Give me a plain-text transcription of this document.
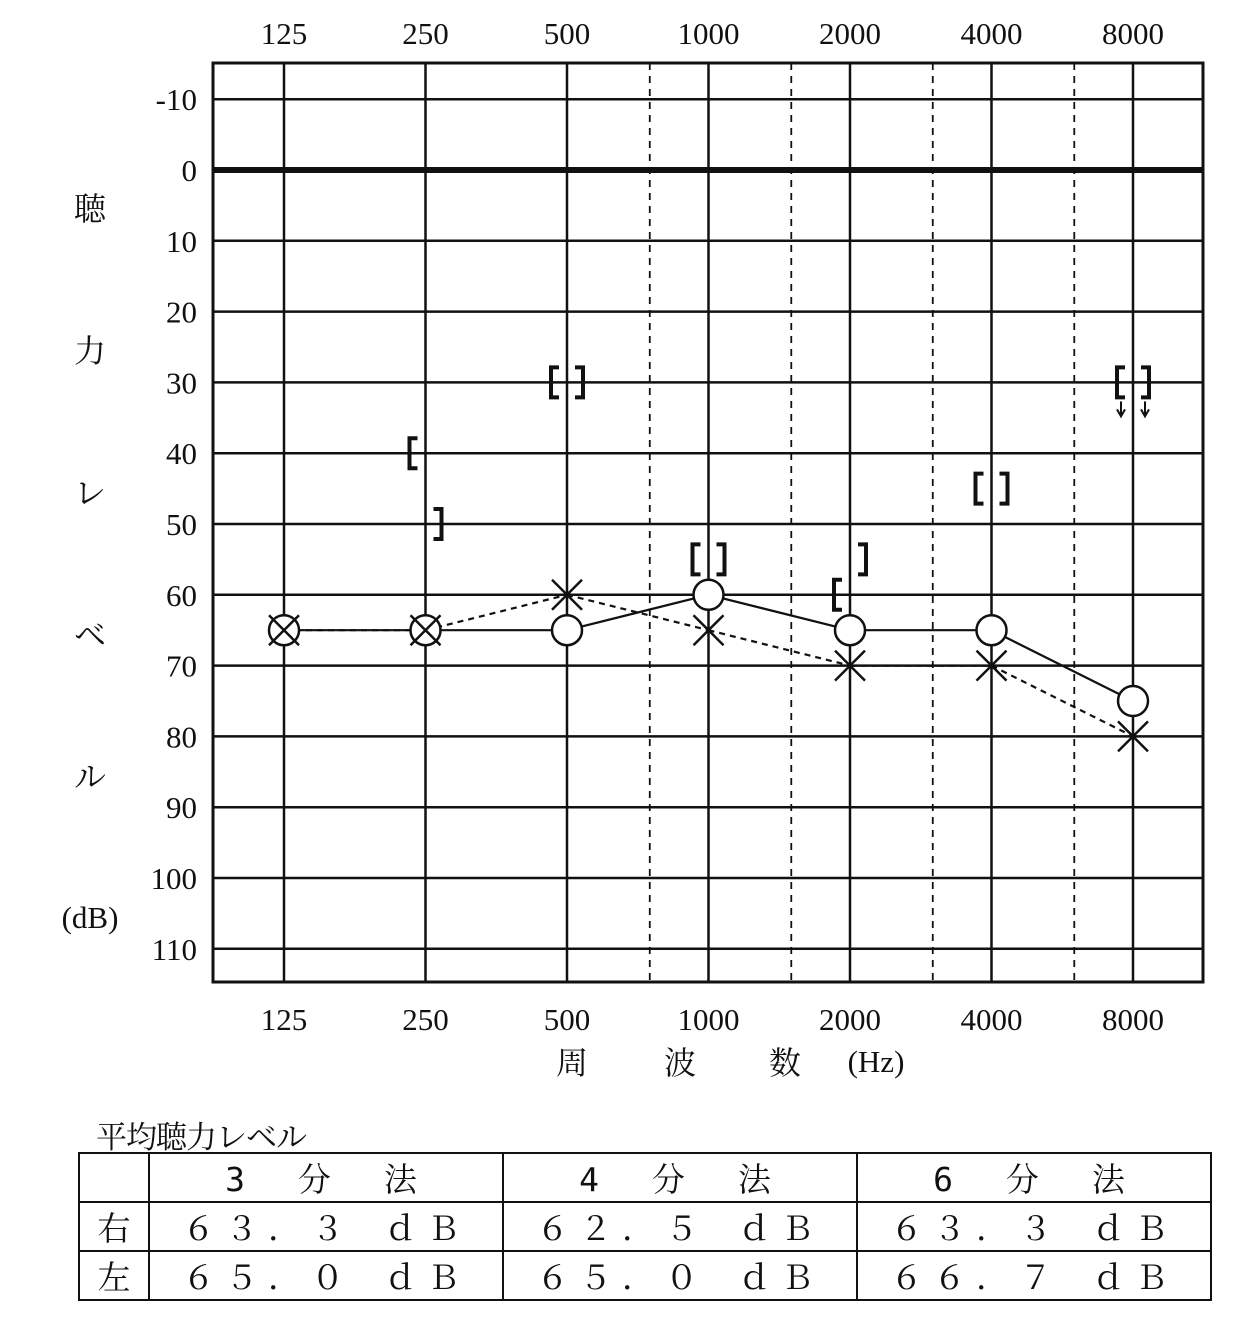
125
125
250
250
500
500
1000
1000
2000
2000
4000
4000
8000
8000
-10
0
10
20
30
40
50
60
70
80
90
100
110
聴
力
レ
ベ
ル
(dB)
周 波 数 (Hz)
平均聴力レベル
	3　分　法	4　分　法	6　分　法
右	６３．３ ｄＢ	６２．５ ｄＢ	６３．３ ｄＢ
左	６５．０ ｄＢ	６５．０ ｄＢ	６６．７ ｄＢ
